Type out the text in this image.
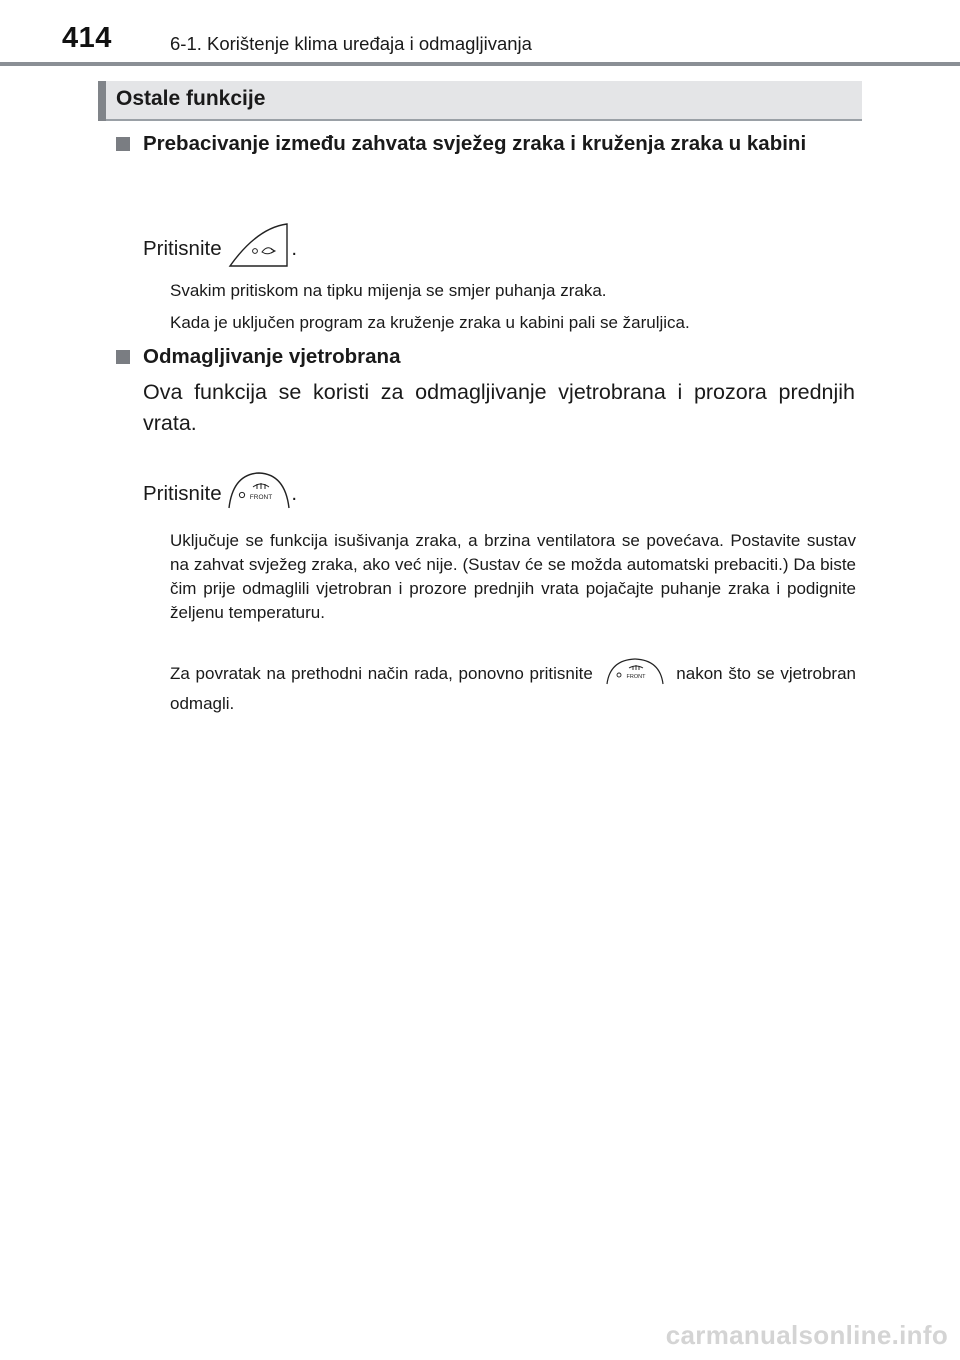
414	6-1. Korištenje klima uređaja i odmagljivanja
Ostale funkcije
Prebacivanje između zahvata svježeg zraka i kruženja zraka u kabini
Pritisnite	.
Svakim pritiskom na tipku mijenja se smjer puhanja zraka.
Kada je uključen program za kruženje zraka u kabini pali se žaruljica.
Odmagljivanje vjetrobrana
Ova funkcija se koristi za odmagljivanje vjetrobrana i prozora prednjih vrata.
Pritisnite	FRONT .
Uključuje se funkcija isušivanja zraka, a brzina ventilatora se povećava. Postavite sustav na zahvat svježeg zraka, ako već nije. (Sustav će se možda automatski prebaciti.) Da biste čim prije odmaglili vjetrobran i prozore prednjih vrata pojačajte puhanje zraka i podignite željenu temperaturu.
Za povratak na prethodni način rada, ponovno pritisnite	FRONT nakon što se vjetrobran odmagli.
carmanualsonline.info
